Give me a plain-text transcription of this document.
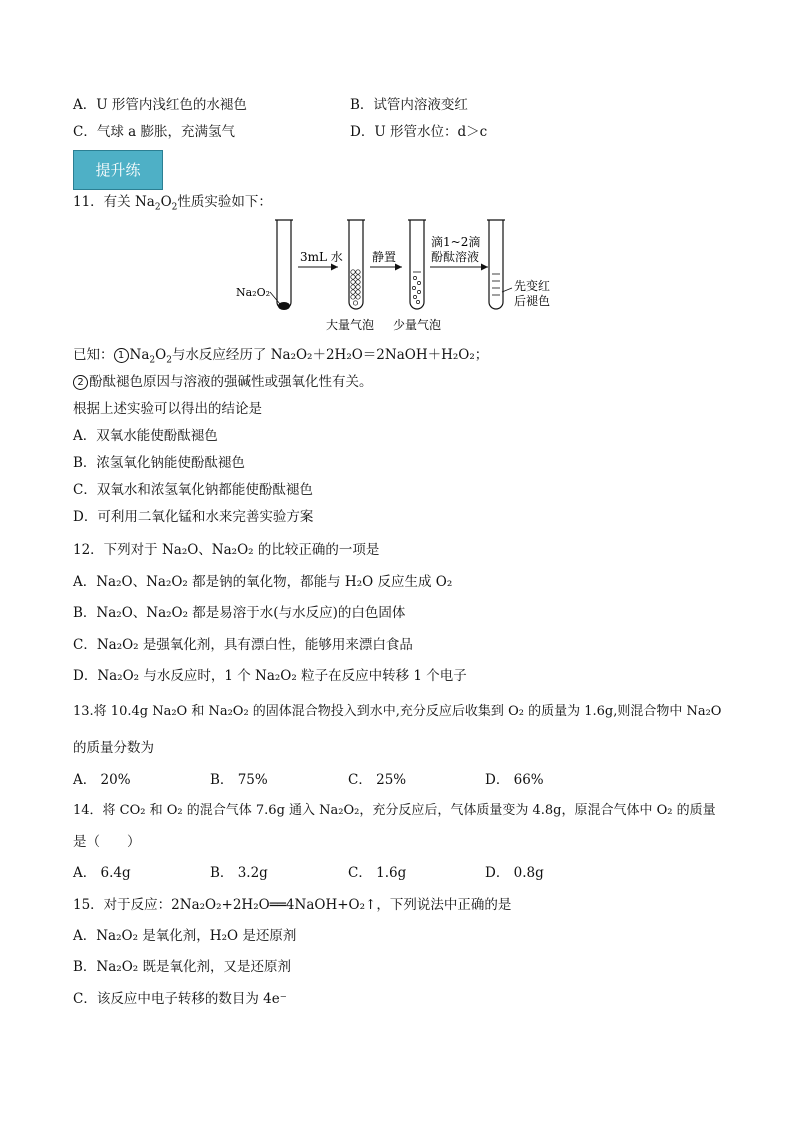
A．U 形管内浅红色的水褪色	B．试管内溶液变红
C．气球 a 膨胀，充满氢气	D．U 形管水位：d＞c
提升练
11．有关 $Na_2O_2$性质实验如下：
Na₂O₂
3mL 水
大量气泡
静置
少量气泡
滴1~2滴
酚酞溶液
先变红
后褪色
已知： 1 $Na_2O_2$与水反应经历了 Na₂O₂＋2H₂O＝2NaOH＋H₂O₂；
2 酚酞褪色原因与溶液的强碱性或强氧化性有关。
根据上述实验可以得出的结论是
A．双氧水能使酚酞褪色
B．浓氢氧化钠能使酚酞褪色
C．双氧水和浓氢氧化钠都能使酚酞褪色
D．可利用二氧化锰和水来完善实验方案
12．下列对于 Na₂O、Na₂O₂ 的比较正确的一项是
A．Na₂O、Na₂O₂ 都是钠的氧化物，都能与 H₂O 反应生成 O₂
B．Na₂O、Na₂O₂ 都是易溶于水(与水反应)的白色固体
C．Na₂O₂ 是强氧化剂，具有漂白性，能够用来漂白食品
D．Na₂O₂ 与水反应时，1 个 Na₂O₂ 粒子在反应中转移 1 个电子
13.将 10.4g Na₂O 和 Na₂O₂ 的固体混合物投入到水中,充分反应后收集到 O₂ 的质量为 1.6g,则混合物中 Na₂O
的质量分数为
A． 20%	B． 75%	C． 25%	D． 66%
14．将 CO₂ 和 O₂ 的混合气体 7.6g 通入 Na₂O₂，充分反应后，气体质量变为 4.8g，原混合气体中 O₂ 的质量
是（　　）
A． 6.4g	B． 3.2g	C． 1.6g	D． 0.8g
15．对于反应：2Na₂O₂+2H₂O══4NaOH+O₂↑，下列说法中正确的是
A．Na₂O₂ 是氧化剂，H₂O 是还原剂
B．Na₂O₂ 既是氧化剂，又是还原剂
C．该反应中电子转移的数目为 4e⁻
